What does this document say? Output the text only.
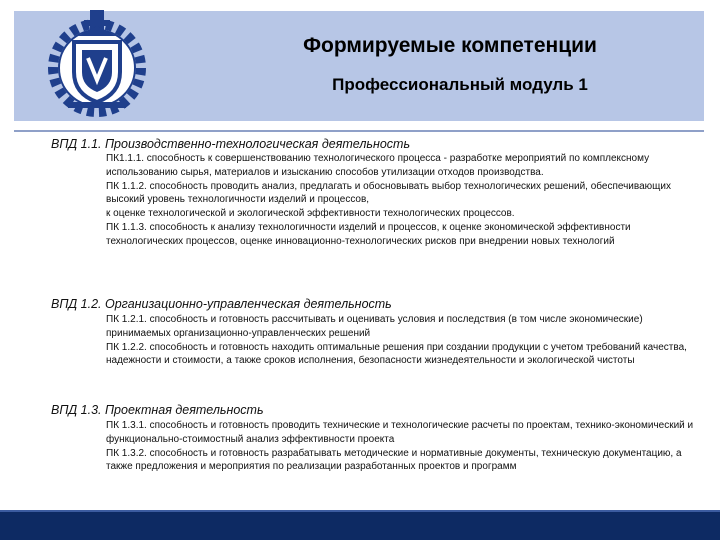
Формируемые компетенции
Профессиональный модуль 1
ВПД 1.1. Производственно-технологическая деятельность

ПК1.1.1. способность к совершенствованию технологического процесса - разработке мероприятий по комплексному использованию сырья, материалов и изысканию способов утилизации отходов производства.

ПК 1.1.2. способность проводить анализ, предлагать и обосновывать выбор технологических решений, обеспечивающих высокий уровень технологичности изделий и процессов,

к оценке технологической и экологической эффективности технологических процессов.

ПК 1.1.3. способность к анализу технологичности изделий и процессов, к оценке экономической эффективности технологических процессов, оценке инновационно-технологических рисков при внедрении новых технологий

ВПД 1.2. Организационно-управленческая деятельность

ПК 1.2.1. способность и готовность рассчитывать и оценивать условия и последствия (в том числе экономические) принимаемых организационно-управленческих решений

ПК 1.2.2. способность и готовность находить оптимальные решения при создании продукции с учетом требований качества, надежности и стоимости, а также сроков исполнения, безопасности жизнедеятельности и экологической чистоты

ВПД 1.3. Проектная деятельность

ПК 1.3.1. способность и готовность проводить технические и технологические расчеты по проектам, технико-экономический и функционально-стоимостный анализ эффективности проекта

ПК 1.3.2. способность и готовность разрабатывать методические и нормативные документы, техническую документацию, а также предложения и мероприятия по реализации разработанных проектов и программ
